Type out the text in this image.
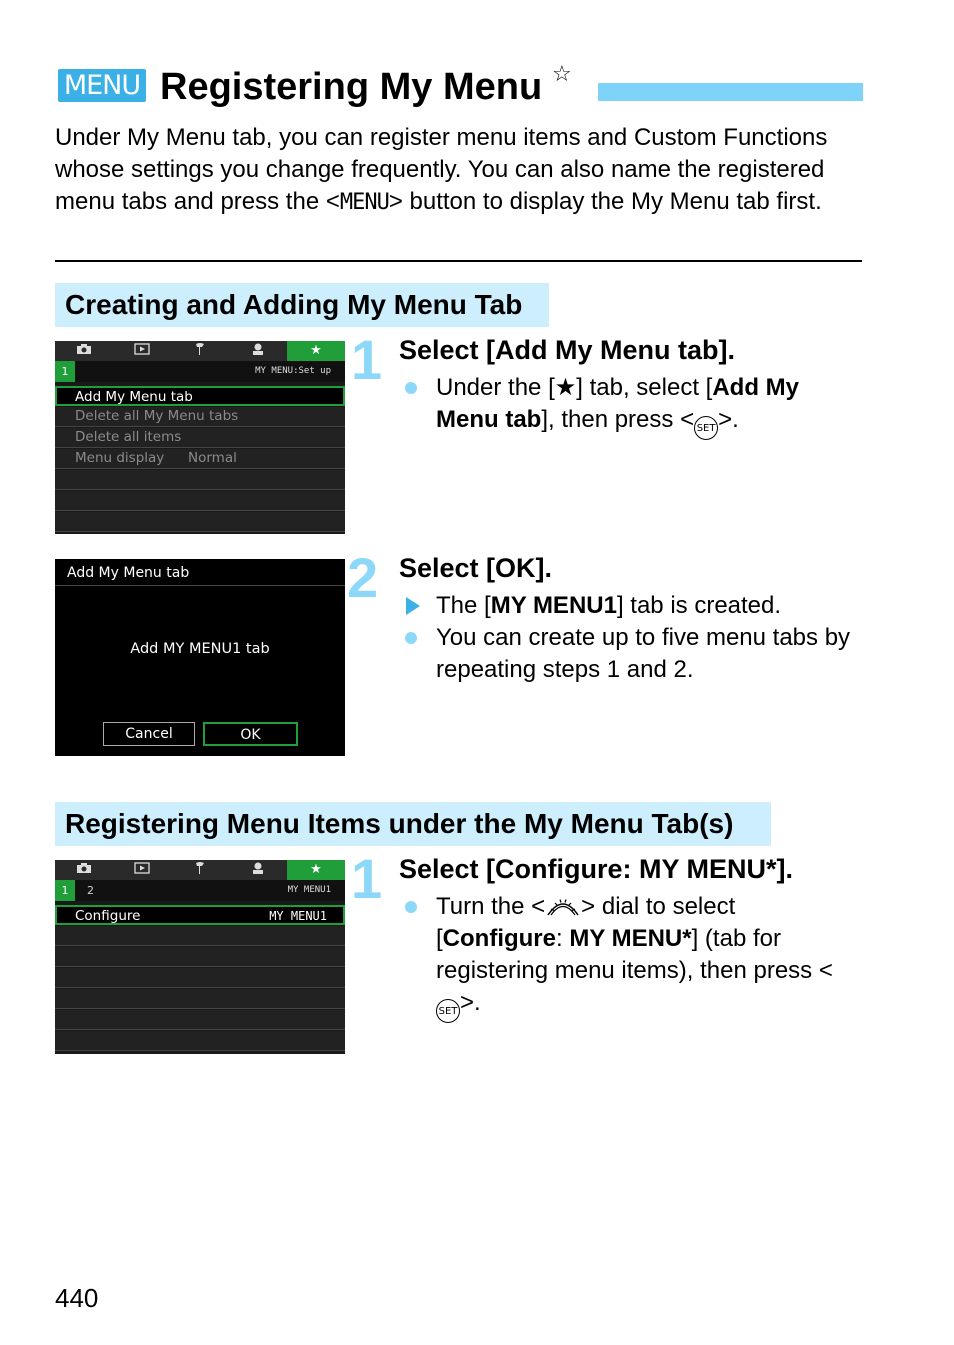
MENU Registering My Menu ☆
Under My Menu tab, you can register menu items and Custom Functions whose settings you change frequently. You can also name the registered menu tabs and press the <MENU> button to display the My Menu tab first.
Creating and Adding My Menu Tab
★
1	MY MENU:Set up
Add My Menu tab
Delete all My Menu tabs
Delete all items
Menu display Normal
1 Select [Add My Menu tab].
Under the [★] tab, select [Add My Menu tab], then press < SET >.
Add My Menu tab
Add MY MENU1 tab
Cancel	OK
2 Select [OK].
The [MY MENU1] tab is created.
You can create up to five menu tabs by repeating steps 1 and 2.
Registering Menu Items under the My Menu Tab(s)
★
1	2	MY MENU1
Configure	MY MENU1
1 Select [Configure: MY MENU*].
Turn the < > dial to select [Configure: MY MENU*] (tab for registering menu items), then press <SET >.
440
